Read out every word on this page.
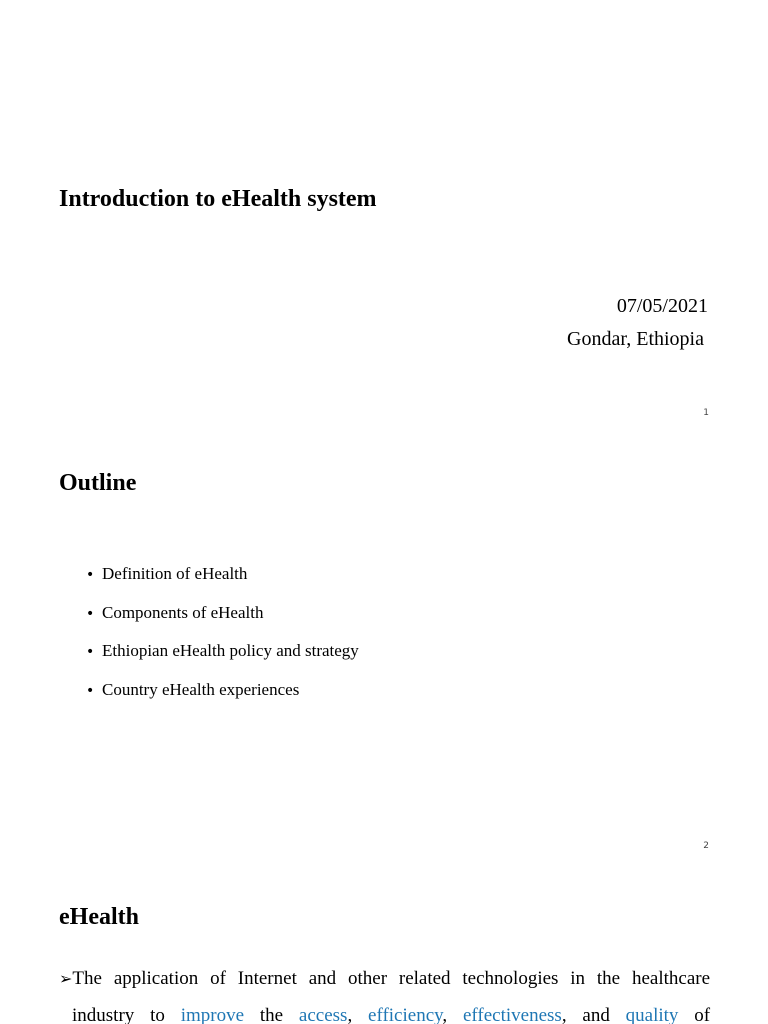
Introduction to eHealth system
07/05/2021
Gondar, Ethiopia
1
Outline
• Definition of eHealth
• Components of eHealth
• Ethiopian eHealth policy and strategy
• Country eHealth experiences
2
eHealth
➢The application of Internet and other related technologies in the healthcare
industry to improve the access, efficiency, effectiveness, and quality of
